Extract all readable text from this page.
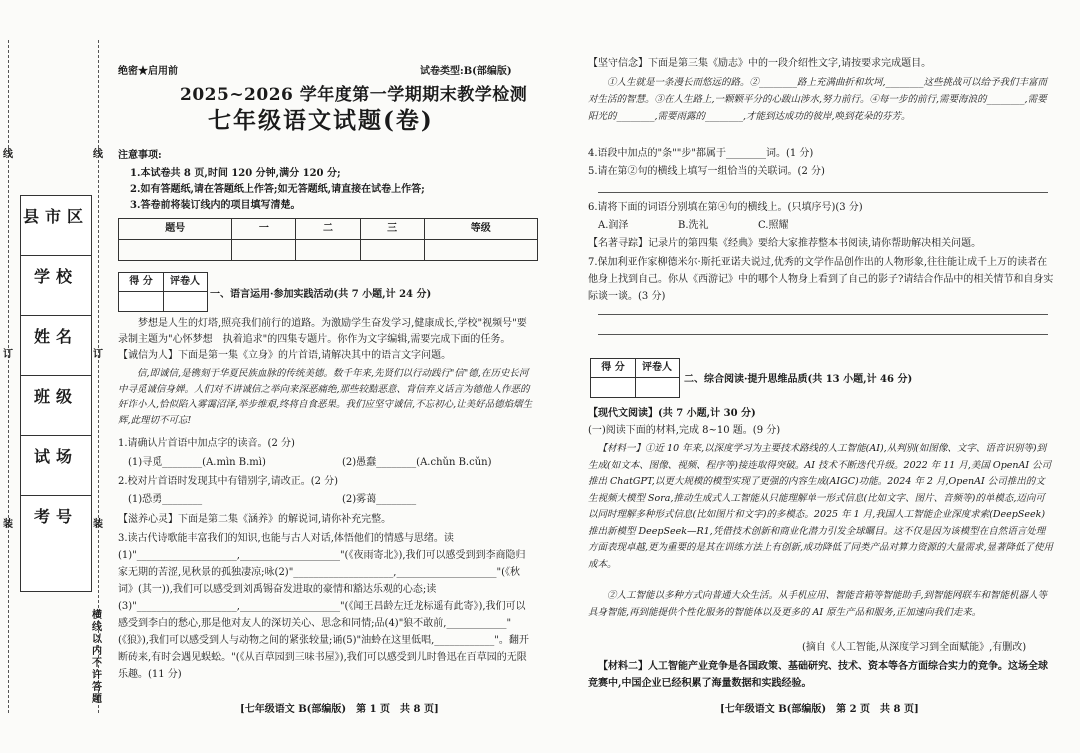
线
订
装
线
订
装
县市区
学校
姓名
班级
试场
考号
横线以内不许答题
绝密★启用前	试卷类型:B(部编版)
2025~2026 学年度第一学期期末教学检测
七年级语文试题(卷)
注意事项:
1.本试卷共 8 页,时间 120 分钟,满分 120 分;
2.如有答题纸,请在答题纸上作答;如无答题纸,请直接在试卷上作答;
3.答卷前将装订线内的项目填写清楚。
题号	一	二	三	等级

得 分	评卷人
一、语言运用·参加实践活动(共 7 小题,计 24 分)
梦想是人生的灯塔,照亮我们前行的道路。为激励学生奋发学习,健康成长,学校"视频号"要录制主题为"心怀梦想　执着追求"的四集专题片。你作为文字编辑,需要完成下面的任务。
【诚信为人】下面是第一集《立身》的片首语,请解决其中的语言文字问题。
信,即诚信,是镌刻于华夏民族血脉的传统美德。数千年来,先贤们以行动践行"信"德,在历史长河中寻觅诚信身婵。人们对不讲诚信之举向来深恶痛绝,那些较黠恶意、背信弃义话言为德他人作恶的奸诈小人,恰似陷入雾霭沼泽,举步维艰,终将自食恶果。我们应坚守诚信,不忘初心,让美好品德焰熠生辉,此理切不可忘!
1.请确认片首语中加点字的读音。(2 分)
(1)寻觅________(A.mìn B.mì)	(2)愚蠢________(A.chǔn B.cǔn)
2.校对片首语时发现其中有错别字,请改正。(2 分)
(1)恐勇________	(2)雾蔼________
【滋养心灵】下面是第二集《涵养》的解说词,请你补充完整。
3.读古代诗歌能丰富我们的知识,也能与古人对话,体悟他们的情感与思绪。读(1)"____________________,____________________"(《夜雨寄北》),我们可以感受到到李商隐归家无期的苦涩,见秋景的孤独凄凉;咏(2)"____________________,____________________"(《秋词》(其一)),我们可以感受到刘禹锡奋发进取的豪情和豁达乐观的心态;读(3)"____________________,____________________"(《闻王昌龄左迁龙标遥有此寄》),我们可以感受到李白的愁心,那是他对友人的深切关心、思念和同情;品(4)"狼不敢前,____________"(《狼》),我们可以感受到人与动物之间的紧张较量;诵(5)"油蛉在这里低唱,____________"。翻开断砖来,有时会遇见蜈蚣。"(《从百草园到三味书屋》),我们可以感受到儿时鲁迅在百草园的无限乐趣。(11 分)
[七年级语文 B(部编版)　第 1 页　共 8 页]
【坚守信念】下面是第三集《励志》中的一段介绍性文字,请按要求完成题目。
①人生就是一条漫长而悠远的路。②________路上充满曲折和坎坷,________这些挑战可以给予我们丰富而对生活的智慧。③在人生路上,一颗颗平分的心跋山涉水,努力前行。④每一步的前行,需要海浪的________,需要阳光的________,需要雨露的________,才能到达成功的彼岸,唤到花朵的芬芳。
4.语段中加点的"条""步"都属于________词。(1 分)
5.请在第②句的横线上填写一组恰当的关联词。(2 分)
6.请将下面的词语分别填在第④句的横线上。(只填序号)(3 分)
A.润泽	B.洗礼	C.照耀
【名著寻踪】记录片的第四集《经典》要给大家推荐整本书阅读,请你帮助解决相关问题。
7.保加利亚作家柳德米尔·斯托亚诺夫说过,优秀的文学作品创作出的人物形象,往往能让成千上万的读者在他身上找到自己。你从《西游记》中的哪个人物身上看到了自己的影子?请结合作品中的相关情节和自身实际谈一谈。(3 分)
得 分	评卷人
二、综合阅读·提升思维品质(共 13 小题,计 46 分)
【现代文阅读】(共 7 小题,计 30 分)
(一)阅读下面的材料,完成 8~10 题。(9 分)
【材料一】①近 10 年来,以深度学习为主要技术路线的人工智能(AI),从判别(如图像、文字、语音识别等)到生成(如文本、图像、视频、程序等)接连取得突破。AI 技术不断迭代升级。2022 年 11 月,美国 OpenAI 公司推出 ChatGPT,以更大规模的模型实现了更强的内容生成(AIGC)功能。2024 年 2 月,OpenAI 公司推出的文生视频大模型 Sora,推动生成式人工智能从只能理解单一形式信息(比如文字、图片、音频等)的单模态,迈向可以同时理解多种形式信息(比如图片和文字)的多模态。2025 年 1 月,我国人工智能企业深度求索(DeepSeek)推出新模型 DeepSeek—R1,凭借技术创新和商业化潜力引发全球瞩目。这不仅是因为该模型在自然语言处理方面表现卓越,更为重要的是其在训练方法上有创新,成功降低了同类产品对算力资源的大量需求,显著降低了使用成本。
②人工智能以多种方式向普通大众生活。从手机应用、智能音箱等智能助手,到智能网联车和智能机器人等具身智能,再到能提供个性化服务的智能体以及更多的 AI 原生产品和服务,正加速向我们走来。
(摘自《人工智能,从深度学习到全面赋能》,有删改)
【材料二】人工智能产业竞争是各国政策、基础研究、技术、资本等各方面综合实力的竞争。这场全球竞赛中,中国企业已经积累了海量数据和实践经验。
[七年级语文 B(部编版)　第 2 页　共 8 页]
